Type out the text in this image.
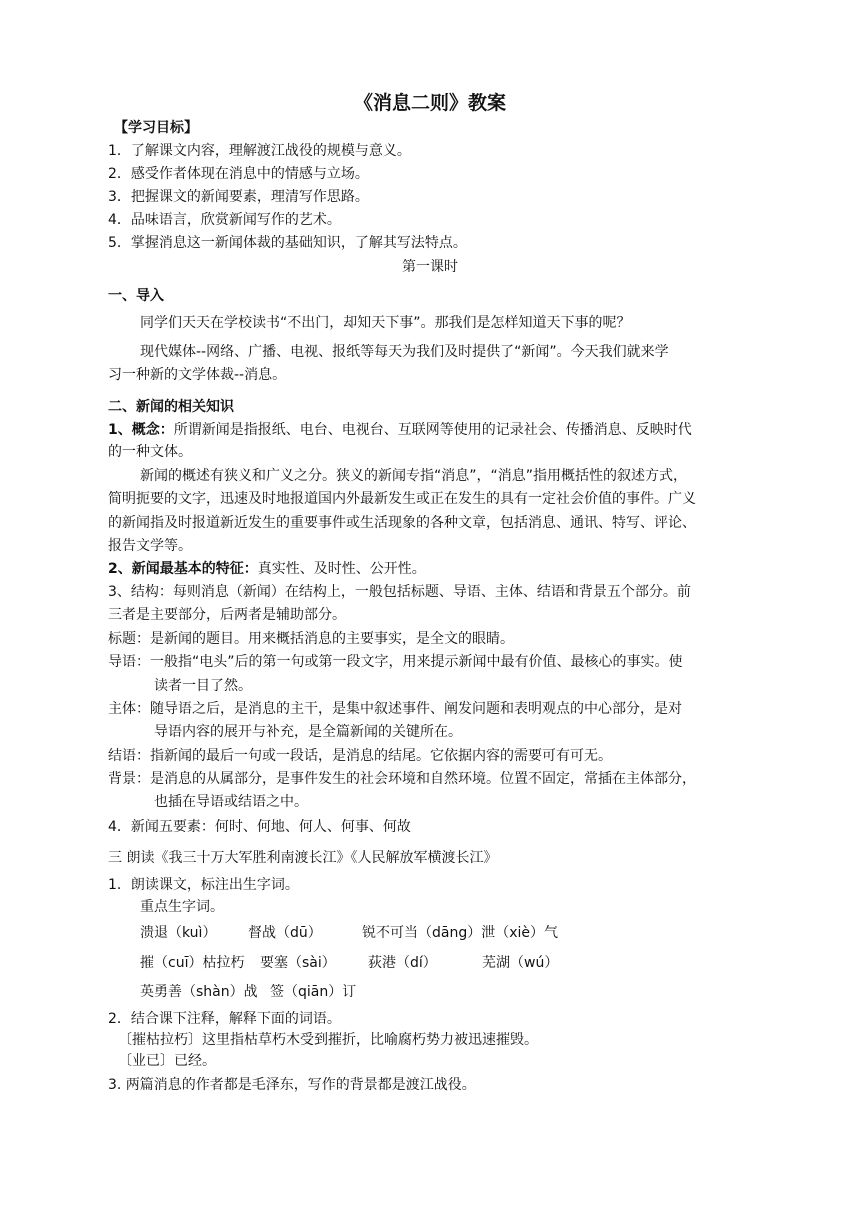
《消息二则》教案
【学习目标】
1．了解课文内容，理解渡江战役的规模与意义。
2．感受作者体现在消息中的情感与立场。
3．把握课文的新闻要素，理清写作思路。
4．品味语言，欣赏新闻写作的艺术。
5．掌握消息这一新闻体裁的基础知识，了解其写法特点。
第一课时
一、导入
同学们天天在学校读书“不出门，却知天下事”。那我们是怎样知道天下事的呢？
现代媒体--网络、广播、电视、报纸等每天为我们及时提供了“新闻”。今天我们就来学
习一种新的文学体裁--消息。
二、新闻的相关知识
1、概念：所谓新闻是指报纸、电台、电视台、互联网等使用的记录社会、传播消息、反映时代
的一种文体。
新闻的概述有狭义和广义之分。狭义的新闻专指“消息”，“消息”指用概括性的叙述方式，
简明扼要的文字，迅速及时地报道国内外最新发生或正在发生的具有一定社会价值的事件。广义
的新闻指及时报道新近发生的重要事件或生活现象的各种文章，包括消息、通讯、特写、评论、
报告文学等。
2、新闻最基本的特征：真实性、及时性、公开性。
3、结构：每则消息（新闻）在结构上，一般包括标题、导语、主体、结语和背景五个部分。前
三者是主要部分，后两者是辅助部分。
标题：是新闻的题目。用来概括消息的主要事实，是全文的眼睛。
导语：一般指“电头”后的第一句或第一段文字，用来提示新闻中最有价值、最核心的事实。使
读者一目了然。
主体：随导语之后，是消息的主干，是集中叙述事件、阐发问题和表明观点的中心部分，是对
导语内容的展开与补充，是全篇新闻的关键所在。
结语：指新闻的最后一句或一段话，是消息的结尾。它依据内容的需要可有可无。
背景：是消息的从属部分，是事件发生的社会环境和自然环境。位置不固定，常插在主体部分，
也插在导语或结语之中。
4．新闻五要素：何时、何地、何人、何事、何故
三 朗读《我三十万大军胜利南渡长江》《人民解放军横渡长江》
1．朗读课文，标注出生字词。
重点生字词。
溃退（kuì） 督战（dū）	锐不可当（dāng）泄（xiè）气
摧（cuī）枯拉朽 要塞（sài） 荻港（dí）	芜湖（wú）
英勇善（shàn）战 签（qiān）订
2．结合课下注释，解释下面的词语。
〔摧枯拉朽〕这里指枯草朽木受到摧折，比喻腐朽势力被迅速摧毁。
〔业已〕已经。
3. 两篇消息的作者都是毛泽东，写作的背景都是渡江战役。
